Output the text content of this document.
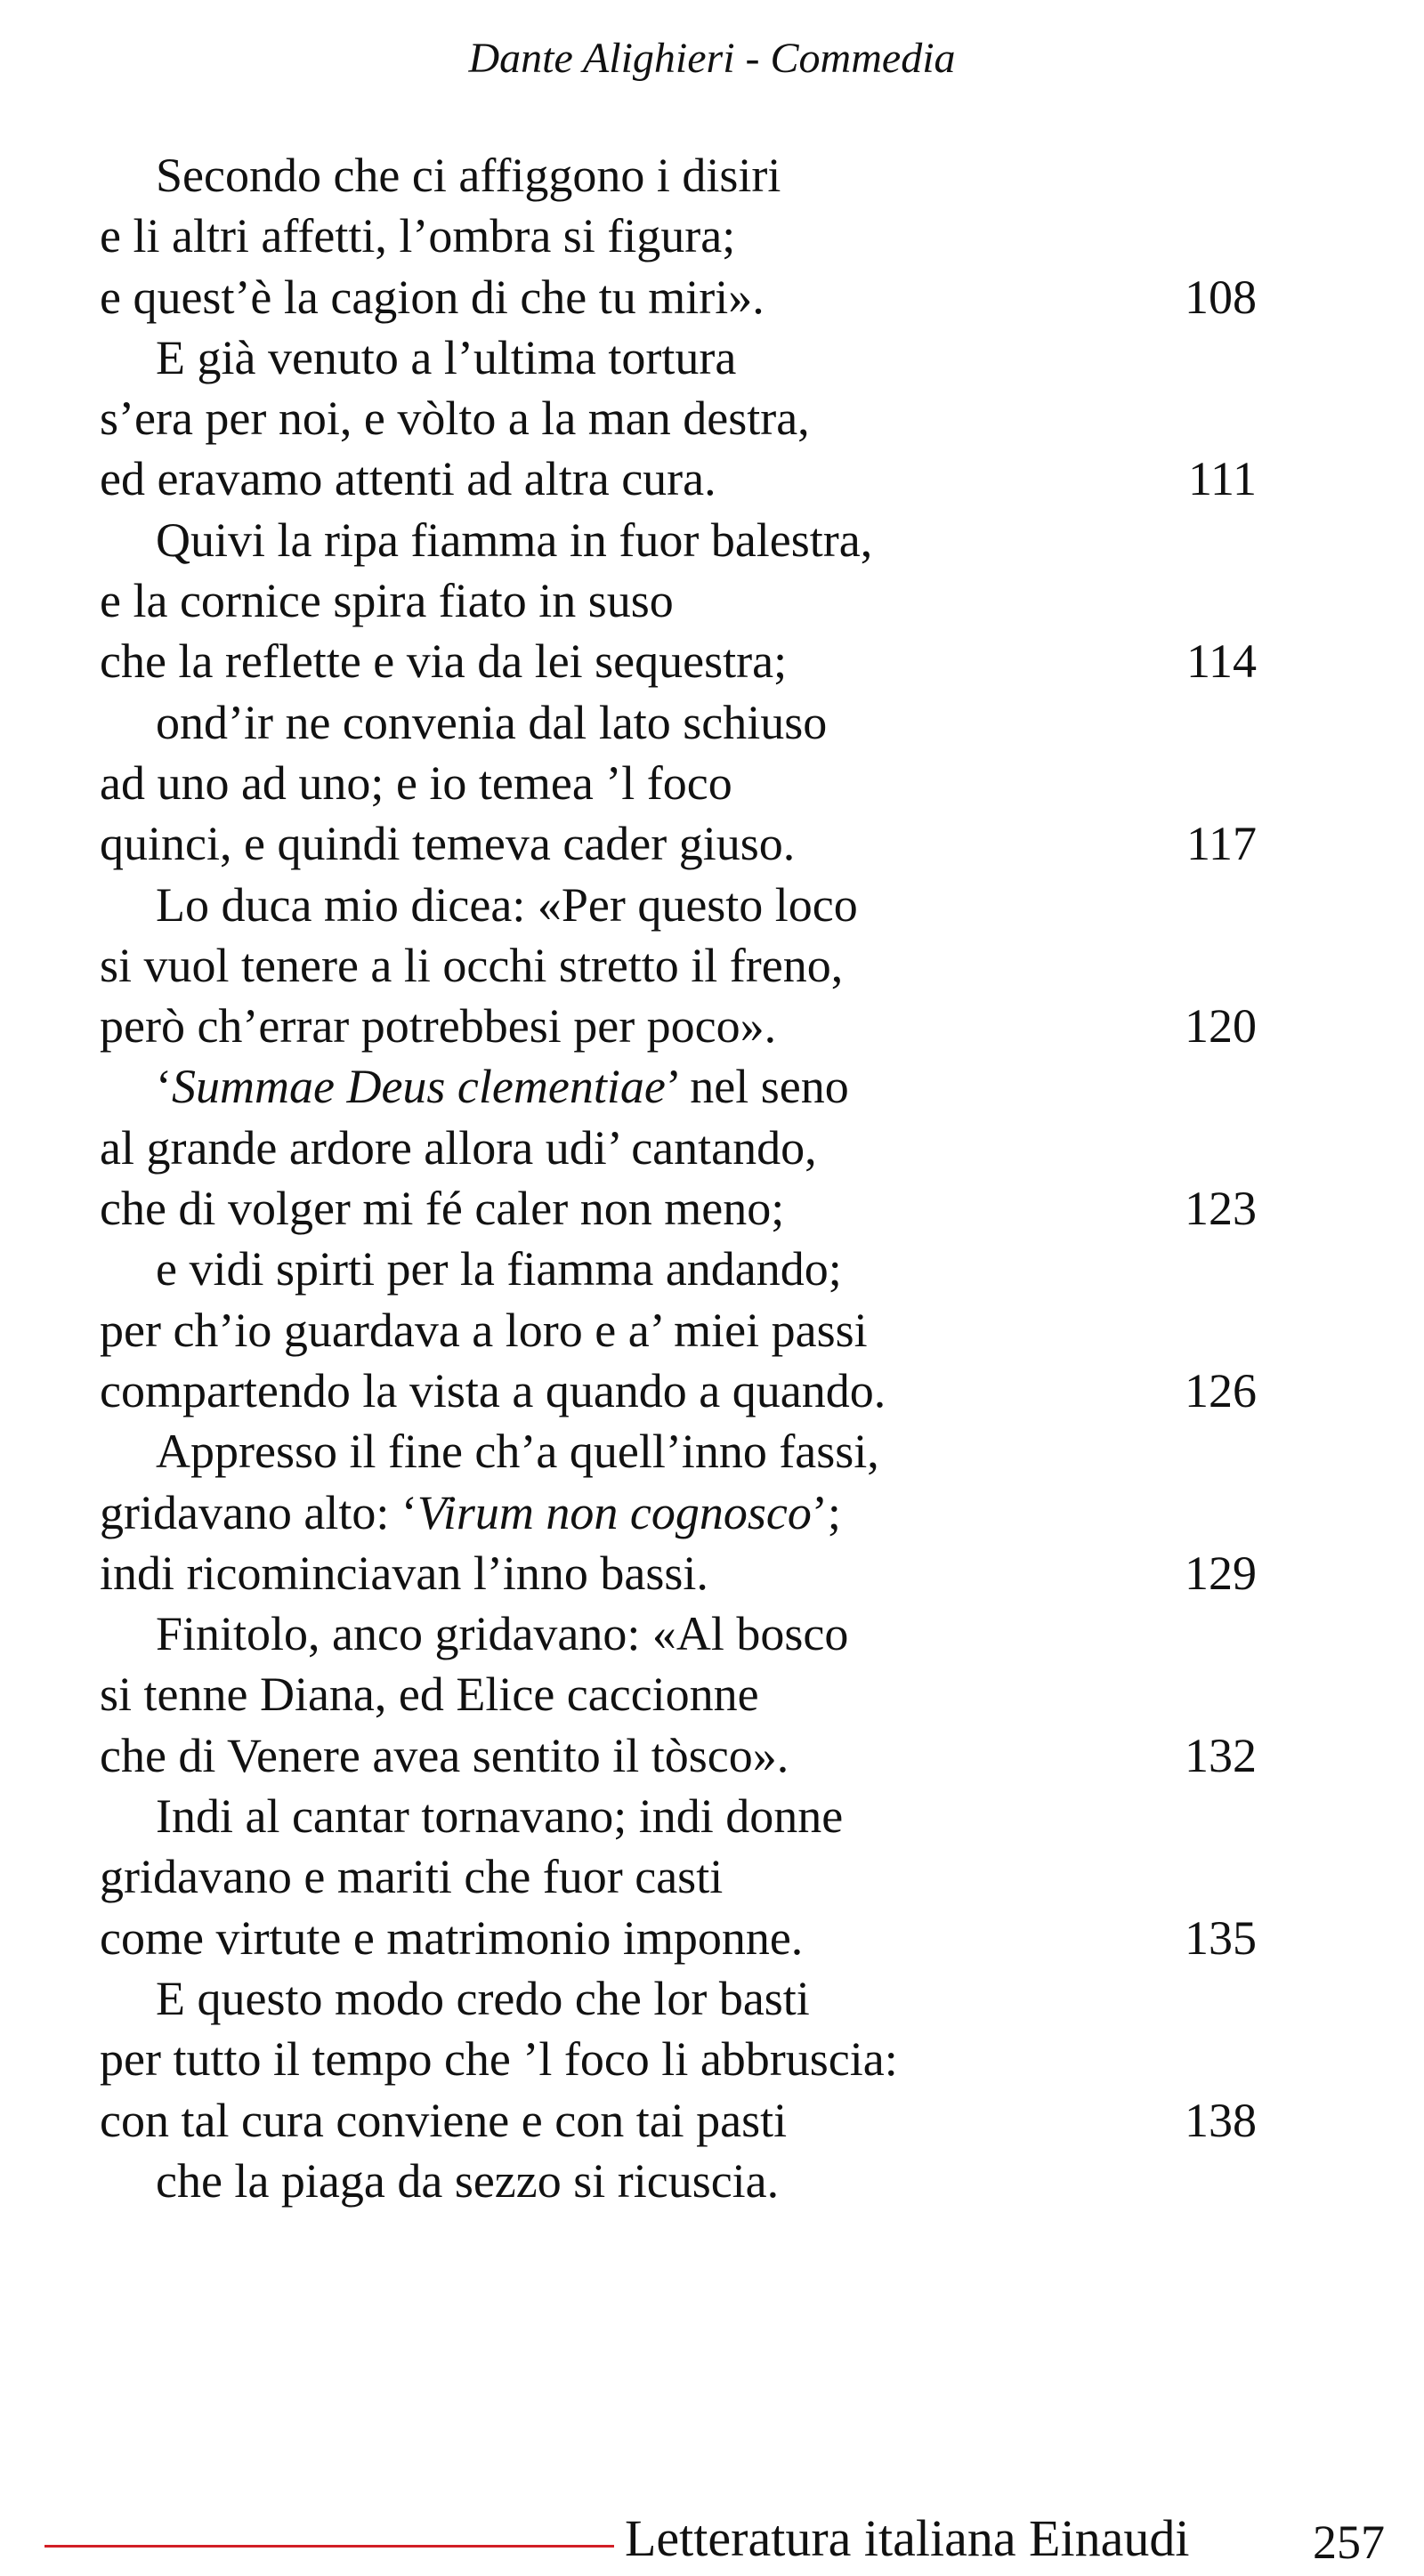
Dante Alighieri - Commedia
Secondo che ci affiggono i disiri
e li altri affetti, l’ombra si figura;
e quest’è la cagion di che tu miri».	108
E già venuto a l’ultima tortura
s’era per noi, e vòlto a la man destra,
ed eravamo attenti ad altra cura.	111
Quivi la ripa fiamma in fuor balestra,
e la cornice spira fiato in suso
che la reflette e via da lei sequestra;	114
ond’ir ne convenia dal lato schiuso
ad uno ad uno; e io temea ’l foco
quinci, e quindi temeva cader giuso.	117
Lo duca mio dicea: «Per questo loco
si vuol tenere a li occhi stretto il freno,
però ch’errar potrebbesi per poco».	120
‘Summae Deus clementiae’ nel seno
al grande ardore allora udi’ cantando,
che di volger mi fé caler non meno;	123
e vidi spirti per la fiamma andando;
per ch’io guardava a loro e a’ miei passi
compartendo la vista a quando a quando.	126
Appresso il fine ch’a quell’inno fassi,
gridavano alto: ‘Virum non cognosco’;
indi ricominciavan l’inno bassi.	129
Finitolo, anco gridavano: «Al bosco
si tenne Diana, ed Elice caccionne
che di Venere avea sentito il tòsco».	132
Indi al cantar tornavano; indi donne
gridavano e mariti che fuor casti
come virtute e matrimonio imponne.	135
E questo modo credo che lor basti
per tutto il tempo che ’l foco li abbruscia:
con tal cura conviene e con tai pasti	138
che la piaga da sezzo si ricuscia.
Letteratura italiana Einaudi	257
